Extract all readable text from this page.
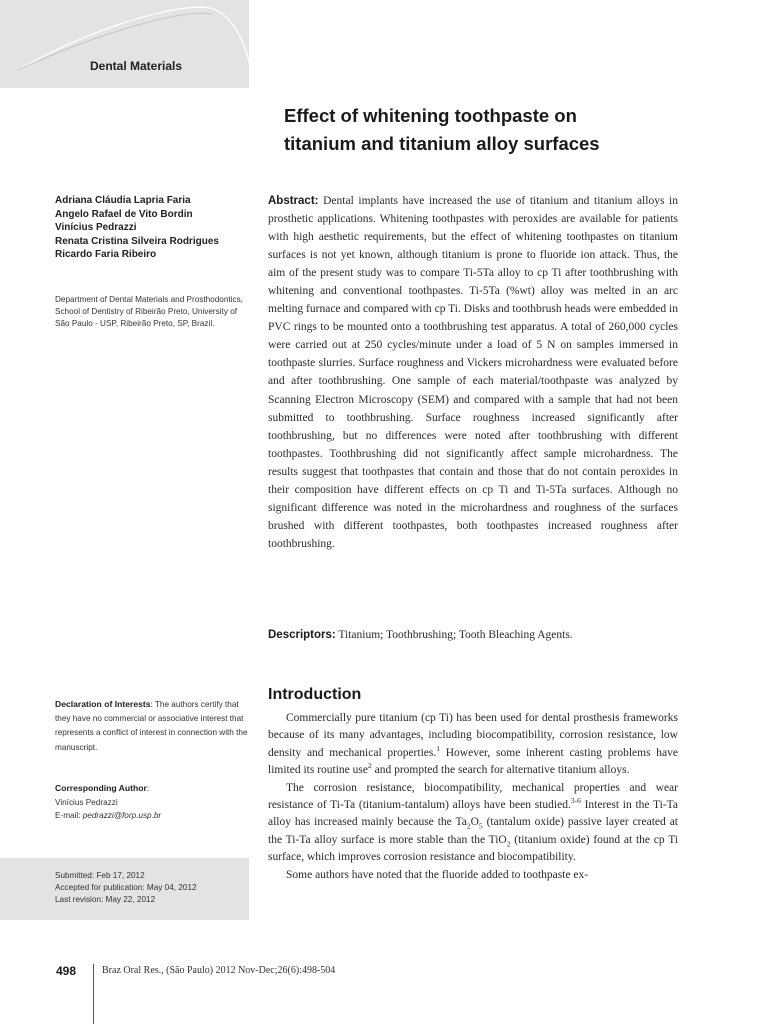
Dental Materials
Effect of whitening toothpaste on
titanium and titanium alloy surfaces
Adriana Cláudia Lapria Faria
Angelo Rafael de Vito Bordin
Vinícius Pedrazzi
Renata Cristina Silveira Rodrigues
Ricardo Faria Ribeiro
Department of Dental Materials and Prosthodontics, School of Dentistry of Ribeirão Preto, University of São Paulo - USP, Ribeirão Preto, SP, Brazil.
Abstract: Dental implants have increased the use of titanium and titanium alloys in prosthetic applications. Whitening toothpastes with peroxides are available for patients with high aesthetic requirements, but the effect of whitening toothpastes on titanium surfaces is not yet known, although titanium is prone to fluoride ion attack. Thus, the aim of the present study was to compare Ti-5Ta alloy to cp Ti after toothbrushing with whitening and conventional toothpastes. Ti-5Ta (%wt) alloy was melted in an arc melting furnace and compared with cp Ti. Disks and toothbrush heads were embedded in PVC rings to be mounted onto a toothbrushing test apparatus. A total of 260,000 cycles were carried out at 250 cycles/minute under a load of 5 N on samples immersed in toothpaste slurries. Surface roughness and Vickers microhardness were evaluated before and after toothbrushing. One sample of each material/toothpaste was analyzed by Scanning Electron Microscopy (SEM) and compared with a sample that had not been submitted to toothbrushing. Surface roughness increased significantly after toothbrushing, but no differences were noted after toothbrushing with different toothpastes. Toothbrushing did not significantly affect sample microhardness. The results suggest that toothpastes that contain and those that do not contain peroxides in their composition have different effects on cp Ti and Ti-5Ta surfaces. Although no significant difference was noted in the microhardness and roughness of the surfaces brushed with different toothpastes, both toothpastes increased roughness after toothbrushing.
Descriptors: Titanium; Toothbrushing; Tooth Bleaching Agents.
Declaration of Interests: The authors certify that they have no commercial or associative interest that represents a conflict of interest in connection with the manuscript.
Corresponding Author:
Vinícius Pedrazzi
E-mail: pedrazzi@forp.usp.br
Submitted: Feb 17, 2012
Accepted for publication: May 04, 2012
Last revision: May 22, 2012
Introduction

Commercially pure titanium (cp Ti) has been used for dental prosthesis frameworks because of its many advantages, including biocompatibility, corrosion resistance, low density and mechanical properties.$^1$ However, some inherent casting problems have limited its routine use$^2$ and prompted the search for alternative titanium alloys.

The corrosion resistance, biocompatibility, mechanical properties and wear resistance of Ti-Ta (titanium-tantalum) alloys have been studied.$^{3-6}$ Interest in the Ti-Ta alloy has increased mainly because the $Ta_2O_5$ (tantalum oxide) passive layer created at the Ti-Ta alloy surface is more stable than the TiO$_2$ (titanium oxide) found at the cp Ti surface, which improves corrosion resistance and biocompatibility.

Some authors have noted that the fluoride added to toothpaste ex-

498	Braz Oral Res., (São Paulo) 2012 Nov-Dec;26(6):498-504
